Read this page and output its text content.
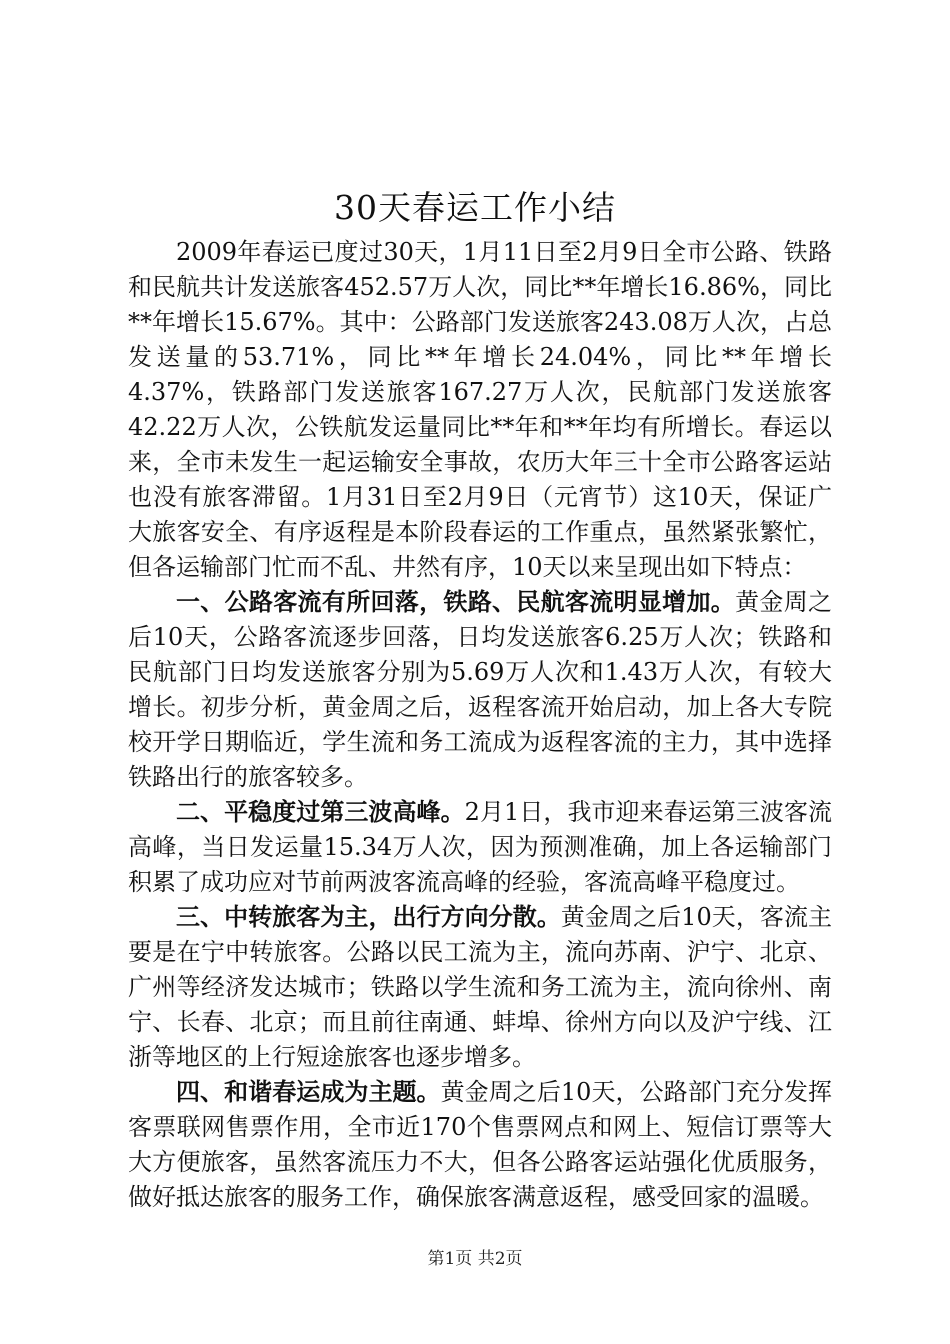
30天春运工作小结

2009年春运已度过30天，1月11日至2月9日全市公路、铁路和民航共计发送旅客452.57万人次，同比**年增长16.86%，同比**年增长15.67%。其中：公路部门发送旅客243.08万人次，占总发送量的53.71%，同比**年增长24.04%，同比**年增长4.37%，铁路部门发送旅客167.27万人次，民航部门发送旅客42.22万人次，公铁航发运量同比**年和**年均有所增长。春运以来，全市未发生一起运输安全事故，农历大年三十全市公路客运站也没有旅客滞留。1月31日至2月9日（元宵节）这10天，保证广大旅客安全、有序返程是本阶段春运的工作重点，虽然紧张繁忙，但各运输部门忙而不乱、井然有序，10天以来呈现出如下特点：

一、公路客流有所回落，铁路、民航客流明显增加。黄金周之后10天，公路客流逐步回落，日均发送旅客6.25万人次；铁路和民航部门日均发送旅客分别为5.69万人次和1.43万人次，有较大增长。初步分析，黄金周之后，返程客流开始启动，加上各大专院校开学日期临近，学生流和务工流成为返程客流的主力，其中选择铁路出行的旅客较多。

二、平稳度过第三波高峰。2月1日，我市迎来春运第三波客流高峰，当日发运量15.34万人次，因为预测准确，加上各运输部门积累了成功应对节前两波客流高峰的经验，客流高峰平稳度过。

三、中转旅客为主，出行方向分散。黄金周之后10天，客流主要是在宁中转旅客。公路以民工流为主，流向苏南、沪宁、北京、广州等经济发达城市；铁路以学生流和务工流为主，流向徐州、南宁、长春、北京；而且前往南通、蚌埠、徐州方向以及沪宁线、江浙等地区的上行短途旅客也逐步增多。

四、和谐春运成为主题。黄金周之后10天，公路部门充分发挥客票联网售票作用，全市近170个售票网点和网上、短信订票等大大方便旅客，虽然客流压力不大，但各公路客运站强化优质服务，做好抵达旅客的服务工作，确保旅客满意返程，感受回家的温暖。

第1页 共2页
